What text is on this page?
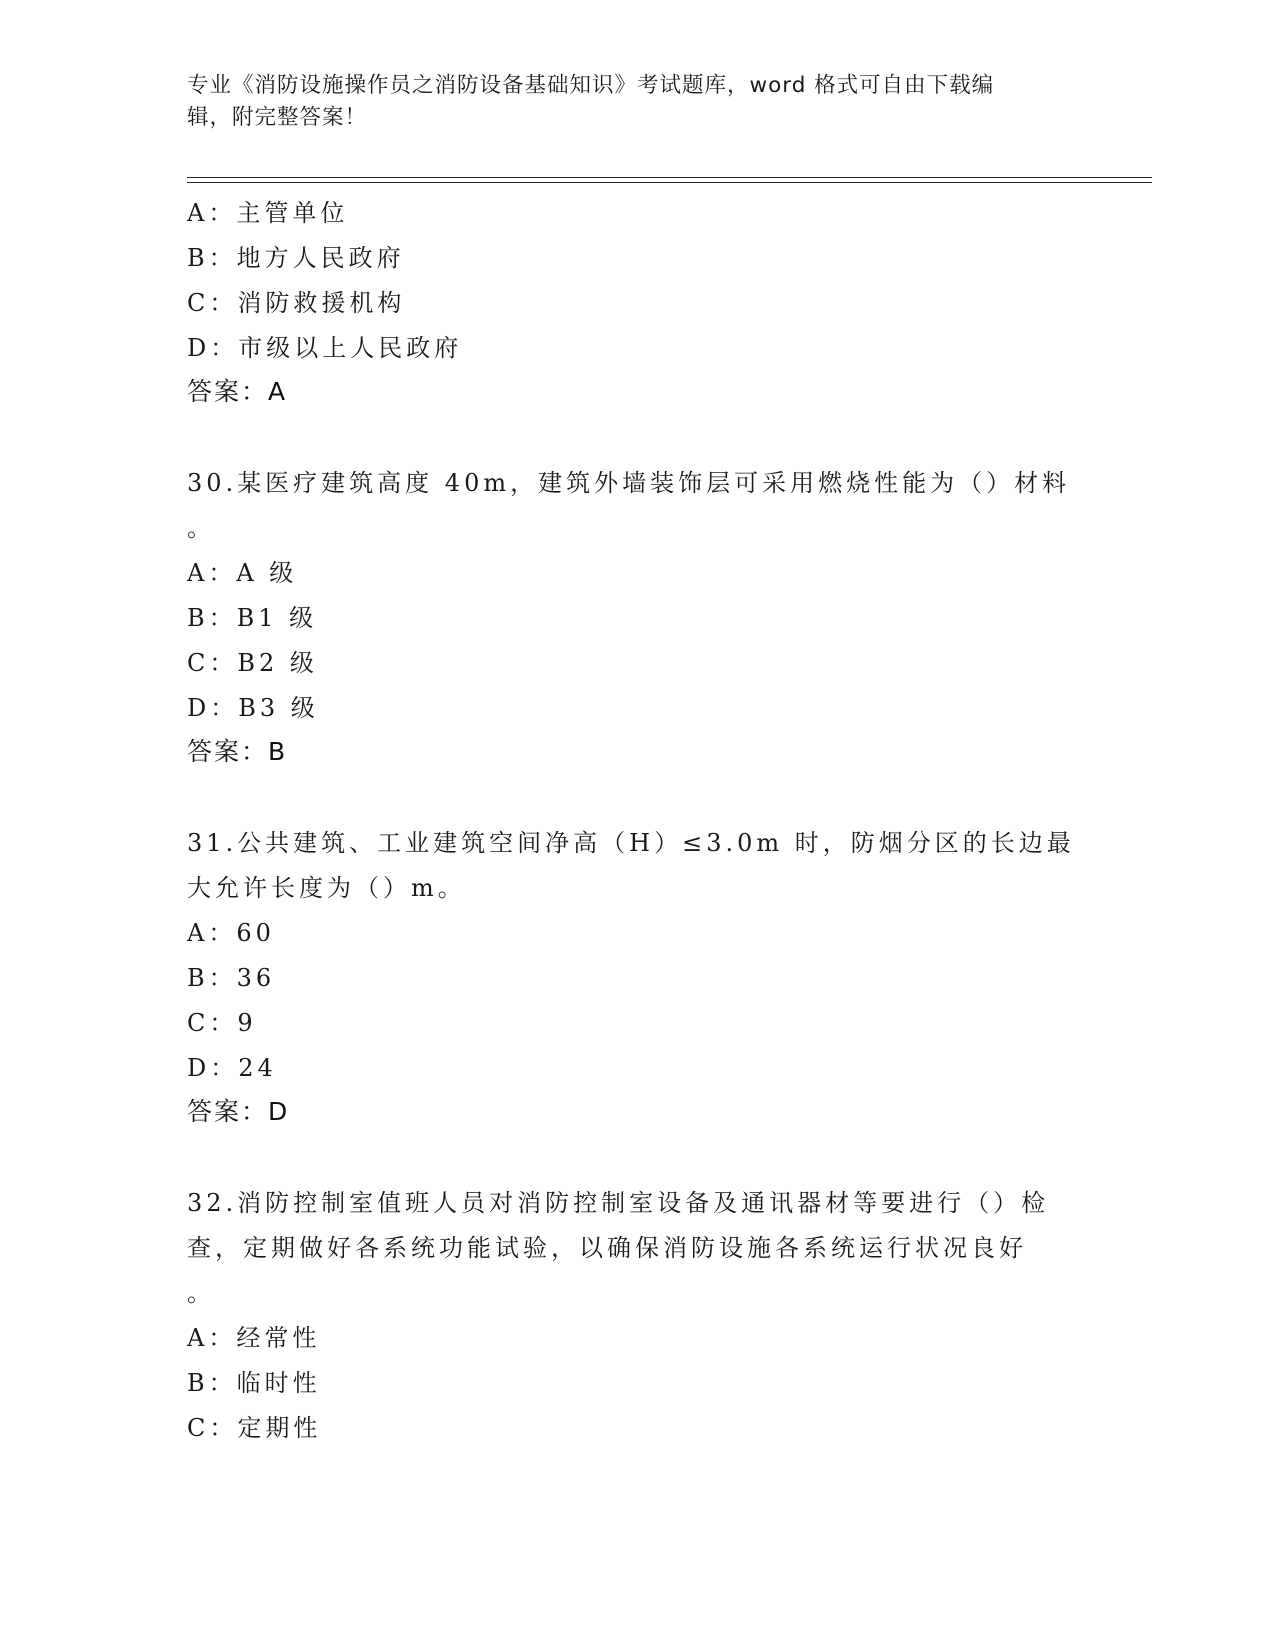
专业《消防设施操作员之消防设备基础知识》考试题库，word 格式可自由下载编
辑，附完整答案！
A：主管单位
B：地方人民政府
C：消防救援机构
D：市级以上人民政府
答案：A
30.某医疗建筑高度 40m，建筑外墙装饰层可采用燃烧性能为（）材料
。
A：A 级
B：B1 级
C：B2 级
D：B3 级
答案：B
31.公共建筑、工业建筑空间净高（H）≤3.0m 时，防烟分区的长边最
大允许长度为（）m。
A：60
B：36
C：9
D：24
答案：D
32.消防控制室值班人员对消防控制室设备及通讯器材等要进行（）检
查，定期做好各系统功能试验，以确保消防设施各系统运行状况良好
。
A：经常性
B：临时性
C：定期性
